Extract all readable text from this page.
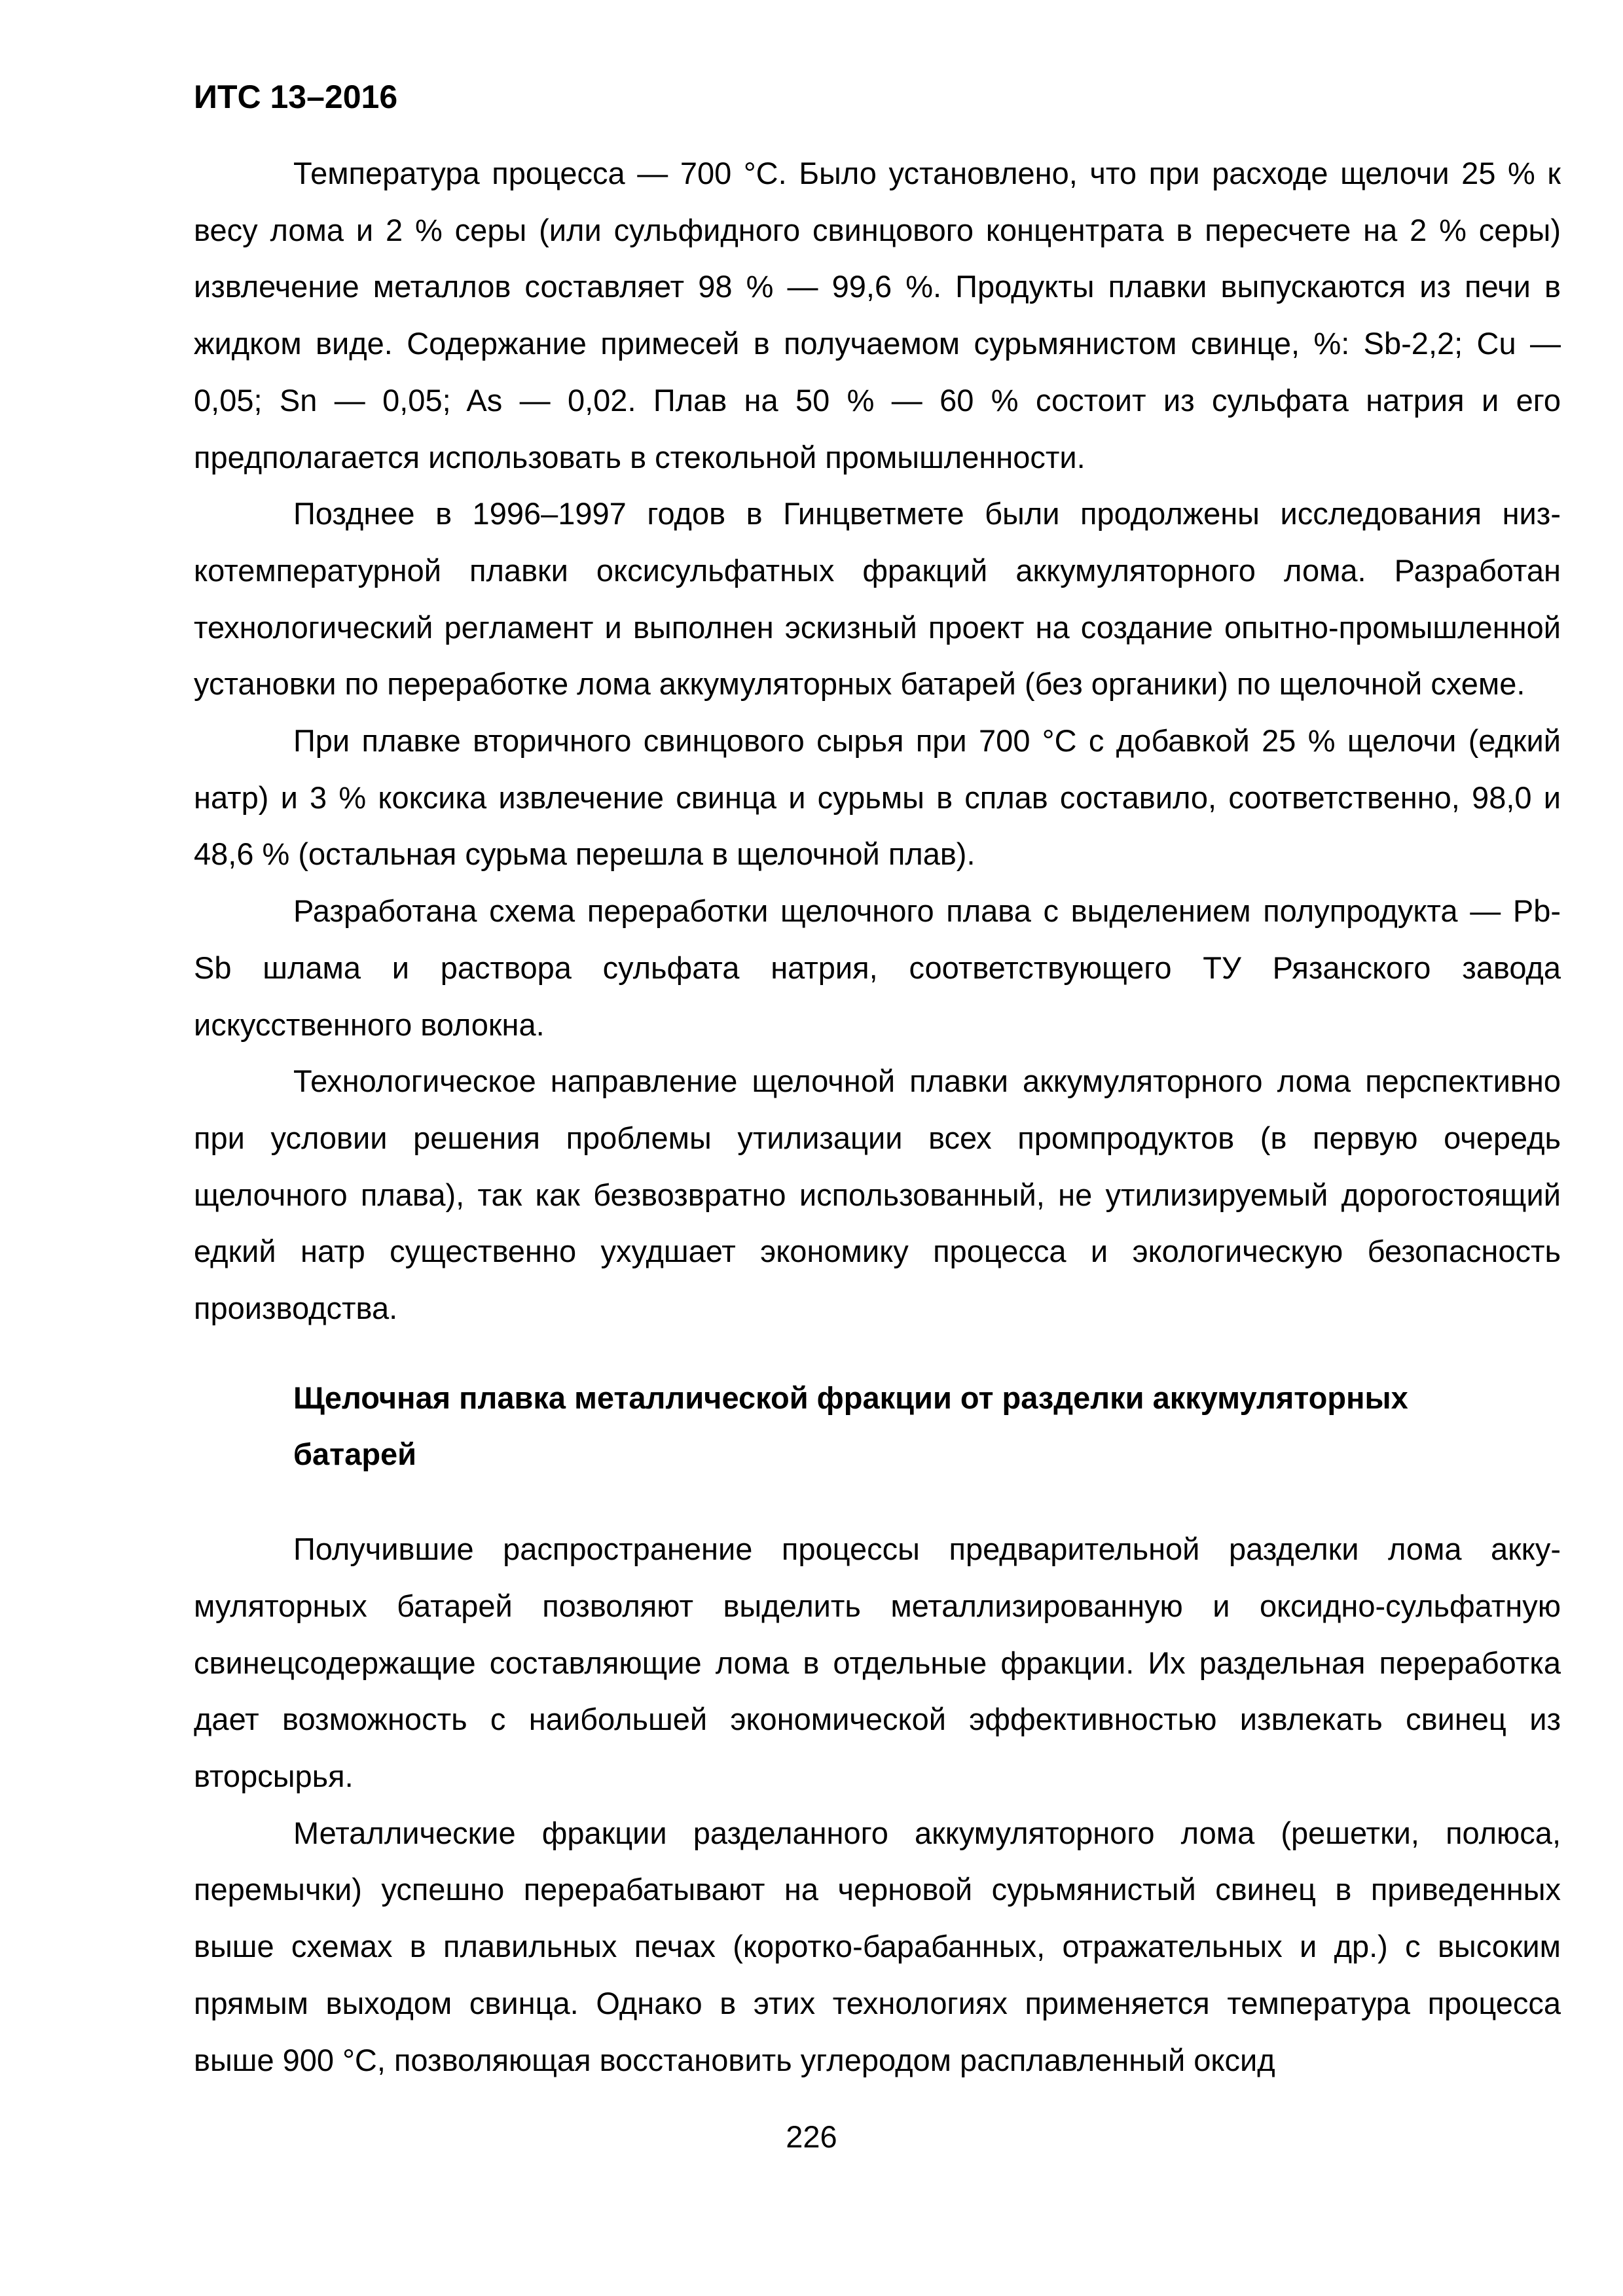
ИТС 13–2016

Температура процесса — 700 °С. Было установлено, что при расходе щелочи 25 % к весу лома и 2 % серы (или сульфидного свинцового концентрата в пересчете на 2 % серы) извлечение металлов составляет 98 % — 99,6 %. Продукты плавки выпускаются из печи в жидком виде. Содержание примесей в получаемом сурьмянистом свинце, %: Sb-2,2; Cu — 0,05; Sn — 0,05; As — 0,02. Плав на 50 % — 60 % состоит из сульфата натрия и его предполагается использовать в стекольной промышленности.

Позднее в 1996–1997 годов в Гинцветмете были продолжены исследования низкотемпературной плавки оксисульфатных фракций аккумуляторного лома. Разработан технологический регламент и выполнен эскизный проект на создание опытно-промышленной установки по переработке лома аккумуляторных батарей (без органики) по щелочной схеме.

При плавке вторичного свинцового сырья при 700 °С с добавкой 25 % щелочи (едкий натр) и 3 % коксика извлечение свинца и сурьмы в сплав составило, соответственно, 98,0 и 48,6 % (остальная сурьма перешла в щелочной плав).

Разработана схема переработки щелочного плава с выделением полупродукта — Pb-Sb шлама и раствора сульфата натрия, соответствующего ТУ Рязанского завода искусственного волокна.

Технологическое направление щелочной плавки аккумуляторного лома перспективно при условии решения проблемы утилизации всех промпродуктов (в первую очередь щелочного плава), так как безвозвратно использованный, не утилизируемый дорогостоящий едкий натр существенно ухудшает экономику процесса и экологическую безопасность производства.

Щелочная плавка металлической фракции от разделки аккумуляторных батарей

Получившие распространение процессы предварительной разделки лома аккумуляторных батарей позволяют выделить металлизированную и оксидно-сульфатную свинецсодержащие составляющие лома в отдельные фракции. Их раздельная переработка дает возможность с наибольшей экономической эффективностью извлекать свинец из вторсырья.

Металлические фракции разделанного аккумуляторного лома (решетки, полюса, перемычки) успешно перерабатывают на черновой сурьмянистый свинец в приведенных выше схемах в плавильных печах (коротко-барабанных, отражательных и др.) с высоким прямым выходом свинца. Однако в этих технологиях применяется температура процесса выше 900 °С, позволяющая восстановить углеродом расплавленный оксид

226
